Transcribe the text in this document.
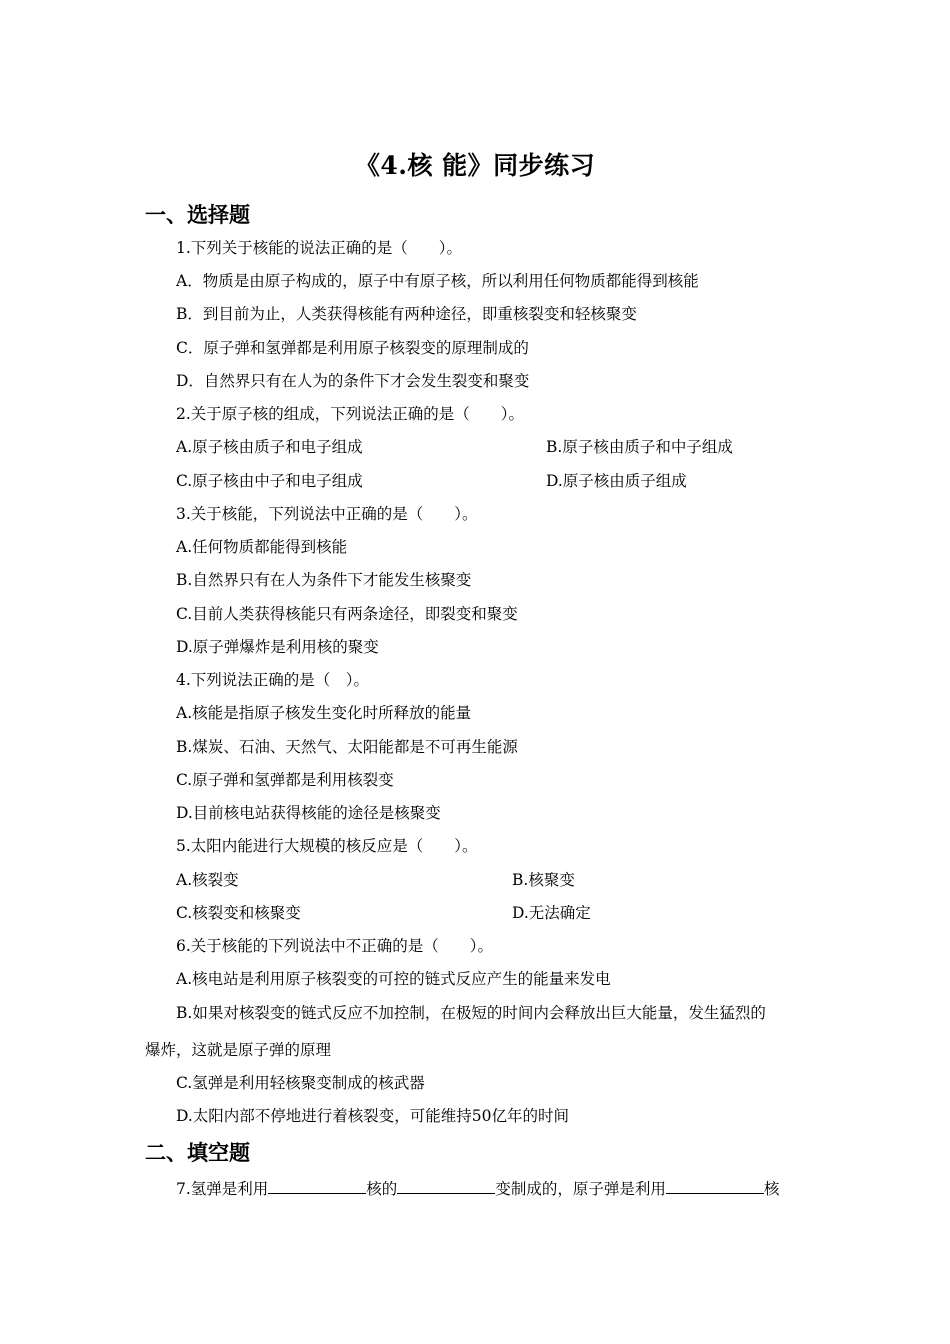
《4.核 能》同步练习
一、选择题
1.下列关于核能的说法正确的是（　　）。
A．物质是由原子构成的，原子中有原子核，所以利用任何物质都能得到核能
B．到目前为止，人类获得核能有两种途径，即重核裂变和轻核聚变
C．原子弹和氢弹都是利用原子核裂变的原理制成的
D．自然界只有在人为的条件下才会发生裂变和聚变
2.关于原子核的组成，下列说法正确的是（　　）。
A.原子核由质子和电子组成	B.原子核由质子和中子组成
C.原子核由中子和电子组成	D.原子核由质子组成
3.关于核能，下列说法中正确的是（　　）。
A.任何物质都能得到核能
B.自然界只有在人为条件下才能发生核聚变
C.目前人类获得核能只有两条途径，即裂变和聚变
D.原子弹爆炸是利用核的聚变
4.下列说法正确的是（　）。
A.核能是指原子核发生变化时所释放的能量
B.煤炭、石油、天然气、太阳能都是不可再生能源
C.原子弹和氢弹都是利用核裂变
D.目前核电站获得核能的途径是核聚变
5.太阳内能进行大规模的核反应是（　　）。
A.核裂变	B.核聚变
C.核裂变和核聚变	D.无法确定
6.关于核能的下列说法中不正确的是（　　）。
A.核电站是利用原子核裂变的可控的链式反应产生的能量来发电
B.如果对核裂变的链式反应不加控制，在极短的时间内会释放出巨大能量，发生猛烈的
爆炸，这就是原子弹的原理
C.氢弹是利用轻核聚变制成的核武器
D.太阳内部不停地进行着核裂变，可能维持50亿年的时间
二、填空题
7.氢弹是利用	核的	变制成的，原子弹是利用	核
